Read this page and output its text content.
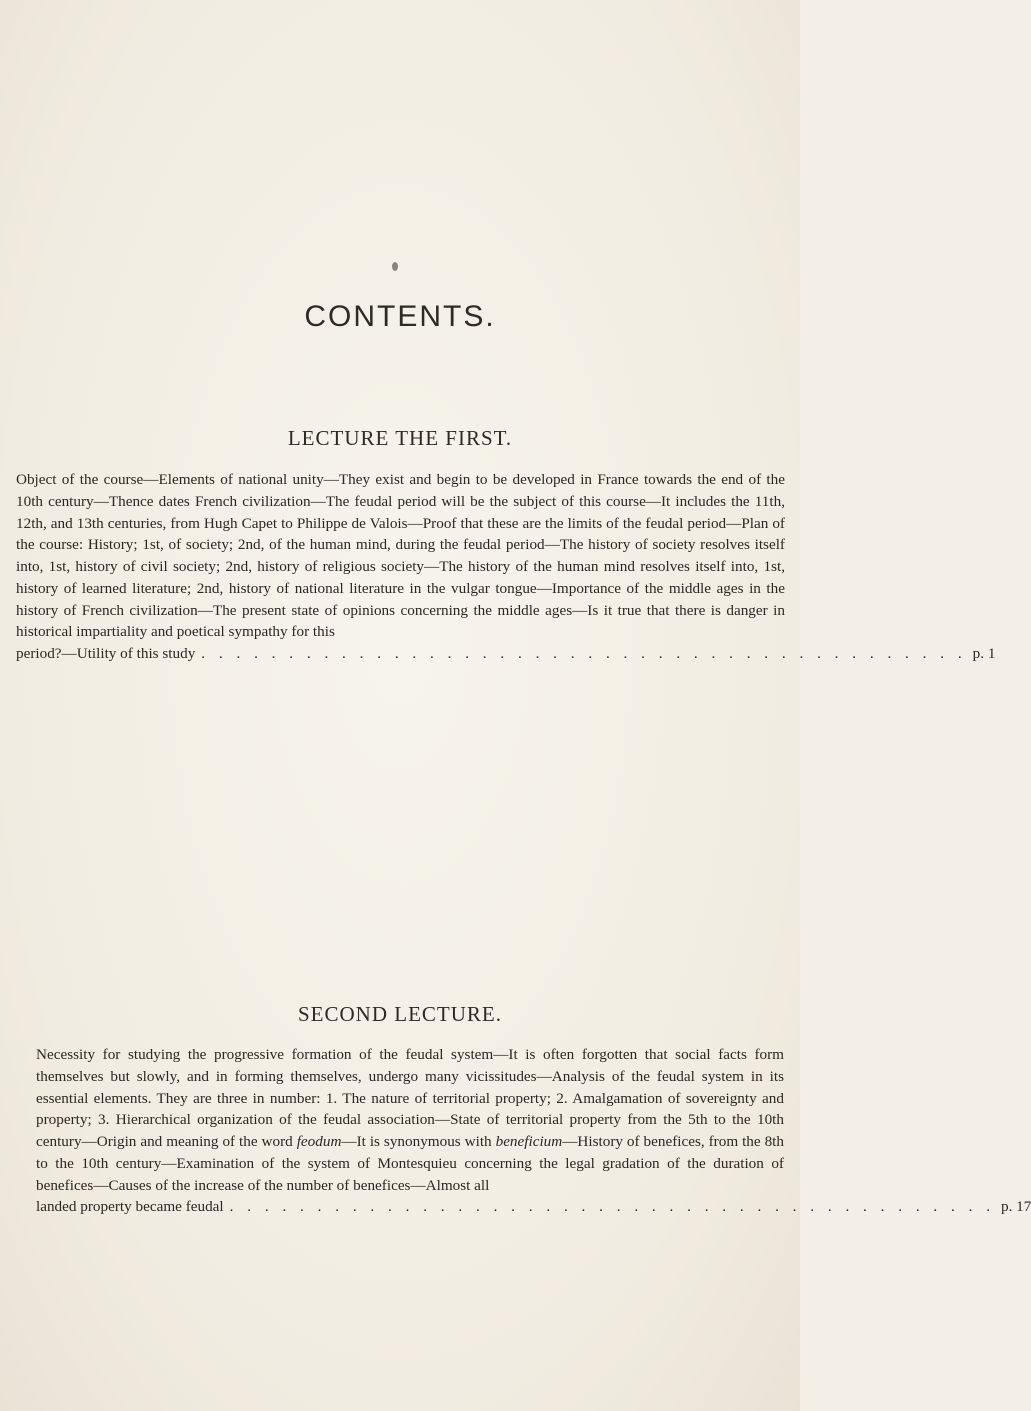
CONTENTS.
LECTURE THE FIRST.
Object of the course—Elements of national unity—They exist and begin to be developed in France towards the end of the 10th century—Thence dates French civilization—The feudal period will be the subject of this course—It includes the 11th, 12th, and 13th centuries, from Hugh Capet to Philippe de Valois—Proof that these are the limits of the feudal period—Plan of the course: History; 1st, of society; 2nd, of the human mind, during the feudal period—The history of society resolves itself into, 1st, history of civil society; 2nd, history of religious society—The history of the human mind resolves itself into, 1st, history of learned literature; 2nd, history of national literature in the vulgar tongue—Importance of the middle ages in the history of French civilization—The present state of opinions concerning the middle ages—Is it true that there is danger in historical impartiality and poetical sympathy for this
period?—Utility of this study . . . . . . . . . . . . . . . . . . . . . . . . . . . . . . . . . . . . . . . . . . . . p. 1
SECOND LECTURE.
Necessity for studying the progressive formation of the feudal system—It is often forgotten that social facts form themselves but slowly, and in forming themselves, undergo many vicissitudes—Analysis of the feudal system in its essential elements. They are three in number: 1. The nature of territorial property; 2. Amalgamation of sovereignty and property; 3. Hierarchical organization of the feudal association—State of territorial property from the 5th to the 10th century—Origin and meaning of the word feodum—It is synonymous with beneficium—History of benefices, from the 8th to the 10th century—Examination of the system of Montesquieu concerning the legal gradation of the duration of benefices—Causes of the increase of the number of benefices—Almost all
landed property became feudal . . . . . . . . . . . . . . . . . . . . . . . . . . . . . . . . . . . . . . . . . . . . p. 17
